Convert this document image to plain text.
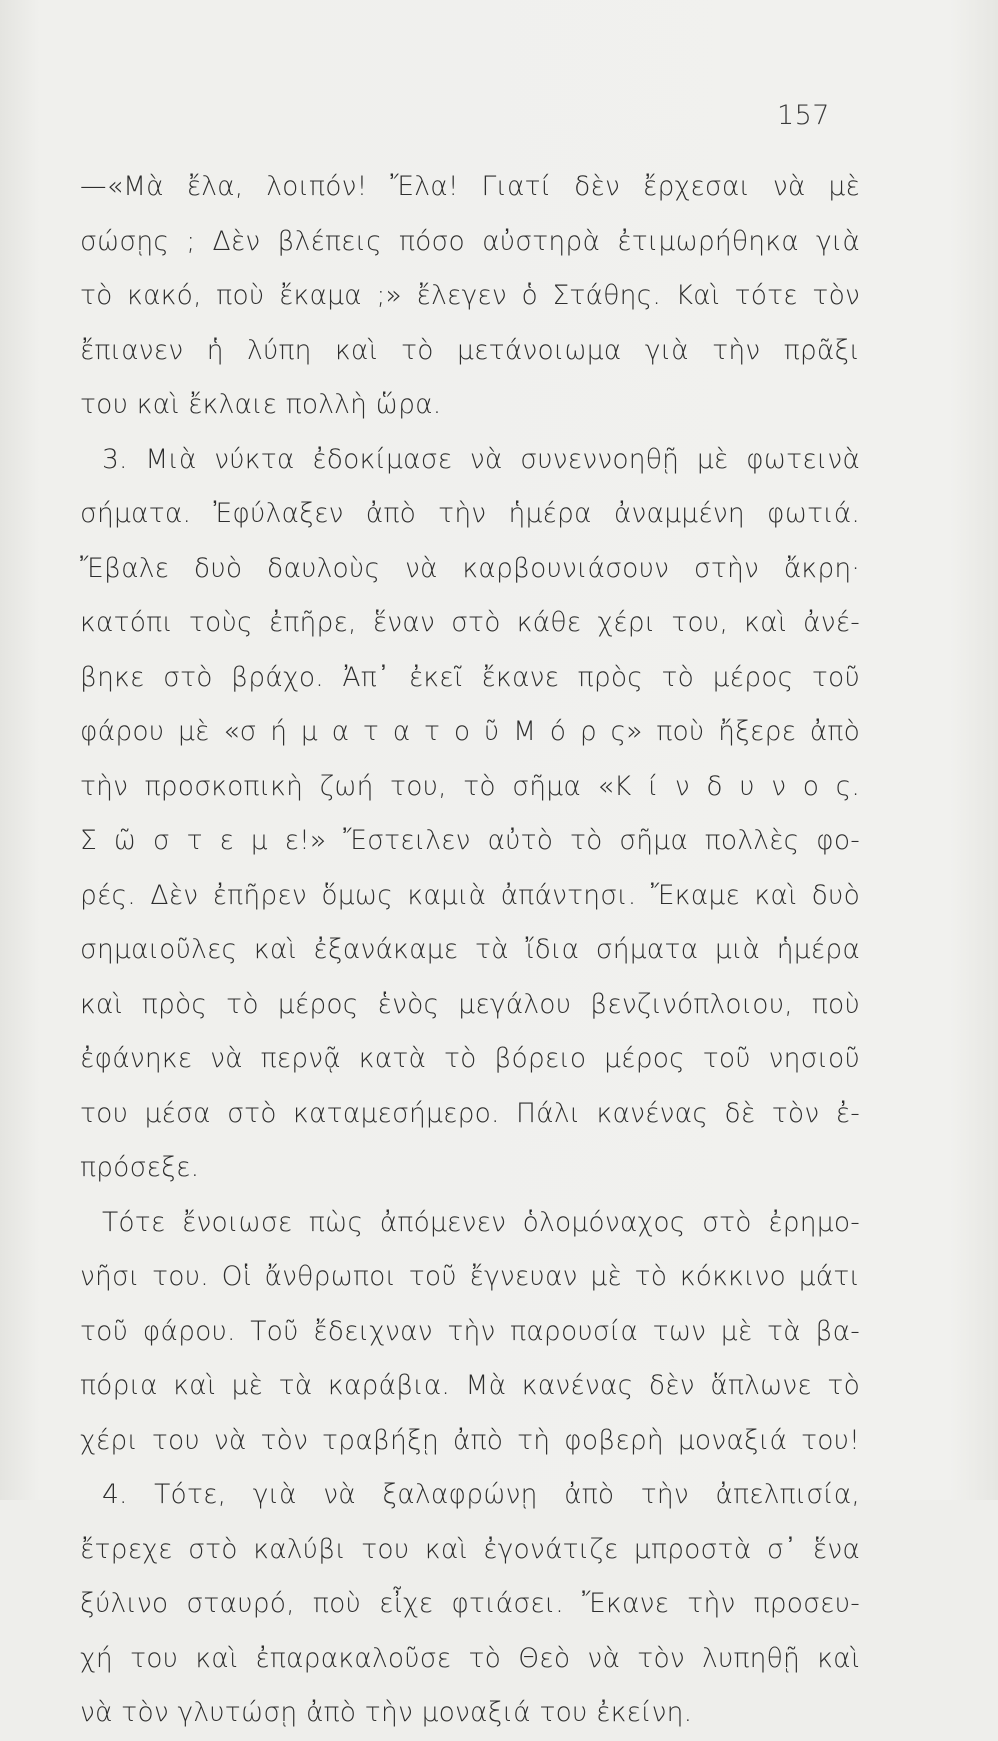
157
—«Μὰ ἔλα, λοιπόν! Ἔλα! Γιατί δὲν ἔρχεσαι νὰ μὲ
σώσῃς ; Δὲν βλέπεις πόσο αὐστηρὰ ἐτιμωρήθηκα γιὰ
τὸ κακό, ποὺ ἔκαμα ;» ἔλεγεν ὁ Στάθης. Καὶ τότε τὸν
ἔπιανεν ἡ λύπη καὶ τὸ μετάνοιωμα γιὰ τὴν πρᾶξι
του καὶ ἔκλαιε πολλὴ ὥρα.
3. Μιὰ νύκτα ἐδοκίμασε νὰ συνεννοηθῇ μὲ φωτεινὰ
σήματα. Ἐφύλαξεν ἀπὸ τὴν ἡμέρα ἀναμμένη φωτιά.
Ἔβαλε δυὸ δαυλοὺς νὰ καρβουνιάσουν στὴν ἄκρη·
κατόπι τοὺς ἐπῆρε, ἕναν στὸ κάθε χέρι του, καὶ ἀνέ-
βηκε στὸ βράχο. Ἀπ᾽ ἐκεῖ ἔκανε πρὸς τὸ μέρος τοῦ
φάρου μὲ «σ ή μ α τ α τ ο ῦ Μ ό ρ ς» ποὺ ἤξερε ἀπὸ
τὴν προσκοπικὴ ζωή του, τὸ σῆμα «Κ ί ν δ υ ν ο ς.
Σ ῶ σ τ ε μ ε!» Ἔστειλεν αὐτὸ τὸ σῆμα πολλὲς φο-
ρές. Δὲν ἐπῆρεν ὅμως καμιὰ ἀπάντησι. Ἔκαμε καὶ δυὸ
σημαιοῦλες καὶ ἐξανάκαμε τὰ ἴδια σήματα μιὰ ἡμέρα
καὶ πρὸς τὸ μέρος ἑνὸς μεγάλου βενζινόπλοιου, ποὺ
ἐφάνηκε νὰ περνᾷ κατὰ τὸ βόρειο μέρος τοῦ νησιοῦ
του μέσα στὸ καταμεσήμερο. Πάλι κανένας δὲ τὸν ἐ-
πρόσεξε.
Τότε ἔνοιωσε πὼς ἀπόμενεν ὁλομόναχος στὸ ἐρημο-
νῆσι του. Οἱ ἄνθρωποι τοῦ ἔγνευαν μὲ τὸ κόκκινο μάτι
τοῦ φάρου. Τοῦ ἔδειχναν τὴν παρουσία των μὲ τὰ βα-
πόρια καὶ μὲ τὰ καράβια. Μὰ κανένας δὲν ἅπλωνε τὸ
χέρι του νὰ τὸν τραβήξῃ ἀπὸ τὴ φοβερὴ μοναξιά του!
4. Τότε, γιὰ νὰ ξαλαφρώνῃ ἀπὸ τὴν ἀπελπισία,
ἔτρεχε στὸ καλύβι του καὶ ἐγονάτιζε μπροστὰ σ᾽ ἕνα
ξύλινο σταυρό, ποὺ εἶχε φτιάσει. Ἔκανε τὴν προσευ-
χή του καὶ ἐπαρακαλοῦσε τὸ Θεὸ νὰ τὸν λυπηθῇ καὶ
νὰ τὸν γλυτώσῃ ἀπὸ τὴν μοναξιά του ἐκείνη.
